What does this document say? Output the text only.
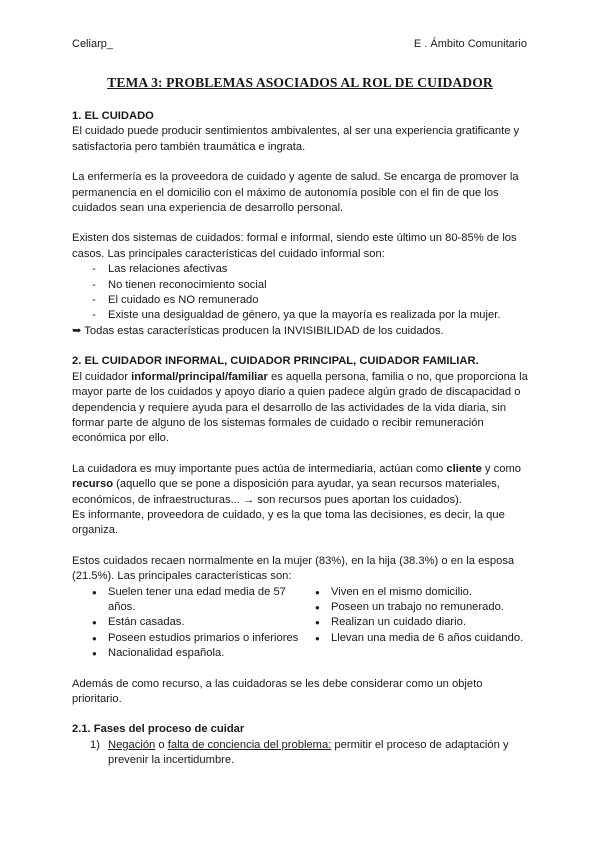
Celiarp_	E . Ámbito Comunitario
TEMA 3: PROBLEMAS ASOCIADOS AL ROL DE CUIDADOR
1. EL CUIDADO

El cuidado puede producir sentimientos ambivalentes, al ser una experiencia gratificante y satisfactoria pero también traumática e ingrata.

La enfermería es la proveedora de cuidado y agente de salud. Se encarga de promover la permanencia en el domicilio con el máximo de autonomía posible con el fin de que los cuidados sean una experiencia de desarrollo personal.

Existen dos sistemas de cuidados: formal e informal, siendo este último un 80-85% de los casos. Las principales características del cuidado informal son:

- Las relaciones afectivas
- No tienen reconocimiento social
- El cuidado es NO remunerado
- Existe una desigualdad de género, ya que la mayoría es realizada por la mujer.

➥ Todas estas características producen la INVISIBILIDAD de los cuidados.

2. EL CUIDADOR INFORMAL, CUIDADOR PRINCIPAL, CUIDADOR FAMILIAR.

El cuidador informal/principal/familiar es aquella persona, familia o no, que proporciona la mayor parte de los cuidados y apoyo diario a quien padece algún grado de discapacidad o dependencia y requiere ayuda para el desarrollo de las actividades de la vida diaria, sin formar parte de alguno de los sistemas formales de cuidado o recibir remuneración económica por ello.

La cuidadora es muy importante pues actúa de intermediaria, actúan como cliente y como recurso (aquello que se pone a disposición para ayudar, ya sean recursos materiales, económicos, de infraestructuras... → son recursos pues aportan los cuidados).

Es informante, proveedora de cuidado, y es la que toma las decisiones, es decir, la que organiza.

Estos cuidados recaen normalmente en la mujer (83%), en la hija (38.3%) o en la esposa (21.5%). Las principales características son:

● Suelen tener una edad media de 57 años.
● Están casadas.
● Poseen estudios primarios o inferiores
● Nacionalidad española.
● Viven en el mismo domicilio.
● Poseen un trabajo no remunerado.
● Realizan un cuidado diario.
● Llevan una media de 6 años cuidando.

Además de como recurso, a las cuidadoras se les debe considerar como un objeto prioritario.

2.1. Fases del proceso de cuidar
1) Negación o falta de conciencia del problema: permitir el proceso de adaptación y prevenir la incertidumbre.
